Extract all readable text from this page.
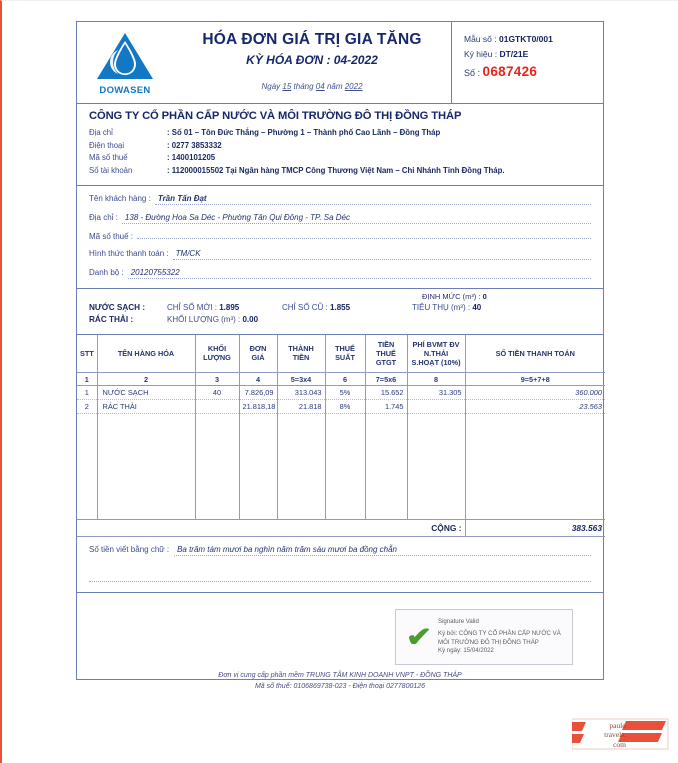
DOWASEN
HÓA ĐƠN GIÁ TRỊ GIA TĂNG
KỲ HÓA ĐƠN : 04-2022
Ngày 15 tháng 04 năm 2022
Mẫu số : 01GTKT0/001
Ký hiệu : DT/21E
Số : 0687426
CÔNG TY CỔ PHẦN CẤP NƯỚC VÀ MÔI TRƯỜNG ĐÔ THỊ ĐỒNG THÁP
Địa chỉ	: Số 01 – Tôn Đức Thắng – Phường 1 – Thành phố Cao Lãnh – Đồng Tháp
Điện thoại	: 0277 3853332
Mã số thuế	: 1400101205
Số tài khoản	: 112000015502 Tại Ngân hàng TMCP Công Thương Việt Nam – Chi Nhánh Tỉnh Đồng Tháp.
Tên khách hàng : Trần Tấn Đạt
Địa chỉ : 138 - Đường Hoa Sa Déc - Phường Tân Qui Đông - TP. Sa Déc
Mã số thuế :
Hình thức thanh toán : TM/CK
Danh bộ : 20120755322
ĐỊNH MỨC (m³) : 0
NƯỚC SẠCH :	CHỈ SỐ MỚI : 1.895	CHỈ SỐ CŨ : 1.855	TIÊU THỤ (m³) : 40
RÁC THẢI :	KHỐI LƯỢNG (m³) : 0.00
STT	TÊN HÀNG HÓA	KHỐI LƯỢNG	ĐƠN GIÁ	THÀNH TIỀN	THUẾ SUẤT	TIỀN THUẾ GTGT	PHÍ BVMT ĐV N.THẢI S.HOẠT (10%)	SỐ TIỀN THANH TOÁN
1	2	3	4	5=3x4	6	7=5x6	8	9=5+7+8
1	NƯỚC SẠCH	40	7.826,09	313.043	5%	15.652	31.305	360.000
2	RÁC THẢI		21.818,18	21.818	8%	1.745		23.563

CỘNG :								383.563
Số tiền viết bằng chữ :	Ba trăm tám mươi ba nghìn năm trăm sáu mươi ba đồng chẵn
✔
Signature Valid
Ký bởi: CÔNG TY CỔ PHẦN CẤP NƯỚC VÀ
MÔI TRƯỜNG ĐÔ THỊ ĐỒNG THÁP
Ký ngày: 15/04/2022
Đơn vị cung cấp phần mềm TRUNG TÂM KINH DOANH VNPT - ĐỒNG THÁP
Mã số thuế: 0106869738-023 - Điện thoại 0277800126
paulo
travels.
com
